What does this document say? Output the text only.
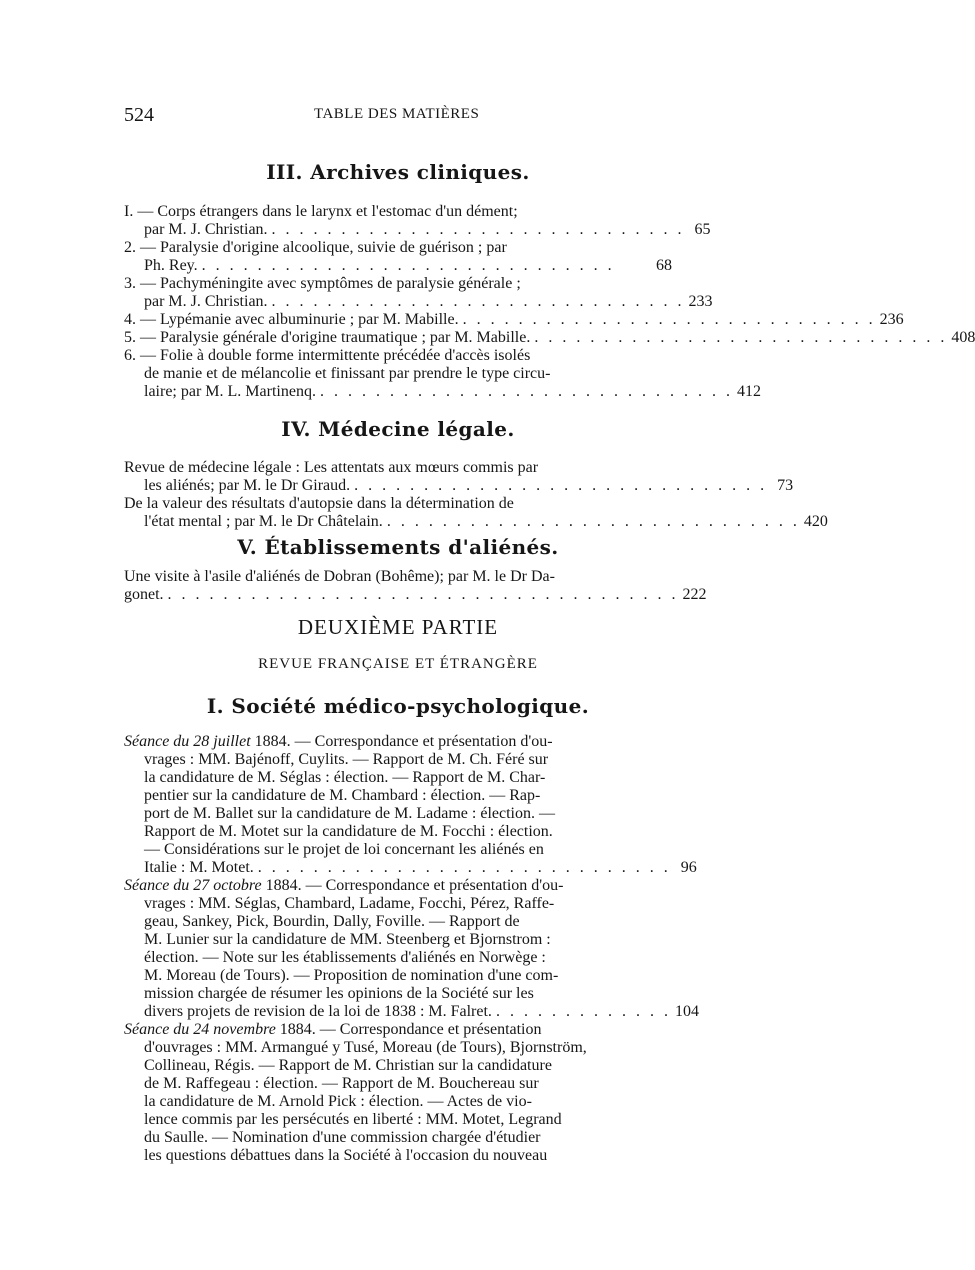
524	TABLE DES MATIÈRES
III. Archives cliniques.
I. — Corps étrangers dans le larynx et l'estomac d'un dément;
par M. J. Christian. . . . . . . . . . . . . . . . . . . . . . . . . . . . . . . 65
2. — Paralysie d'origine alcoolique, suivie de guérison ; par
Ph. Rey. . . . . . . . . . . . . . . . . . . . . . . . . . . . . . .	68
3. — Pachyméningite avec symptômes de paralysie générale ;
par M. J. Christian. . . . . . . . . . . . . . . . . . . . . . . . . . . . . . . 233
4. — Lypémanie avec albuminurie ; par M. Mabille. . . . . . . . . . . . . . . . . . . . . . . . . . . . . . . 236
5. — Paralysie générale d'origine traumatique ; par M. Mabille. . . . . . . . . . . . . . . . . . . . . . . . . . . . . . . 408
6. — Folie à double forme intermittente précédée d'accès isolés
de manie et de mélancolie et finissant par prendre le type circu-
laire; par M. L. Martinenq. . . . . . . . . . . . . . . . . . . . . . . . . . . . . . . 412
IV. Médecine légale.
Revue de médecine légale : Les attentats aux mœurs commis par
les aliénés; par M. le Dr Giraud. . . . . . . . . . . . . . . . . . . . . . . . . . . . . . . 73
De la valeur des résultats d'autopsie dans la détermination de
l'état mental ; par M. le Dr Châtelain. . . . . . . . . . . . . . . . . . . . . . . . . . . . . . . 420
V. Établissements d'aliénés.
Une visite à l'asile d'aliénés de Dobran (Bohême); par M. le Dr Da-
gonet. . . . . . . . . . . . . . . . . . . . . . . . . . . . . . . . . . . . . . 222
DEUXIÈME PARTIE
REVUE FRANÇAISE ET ÉTRANGÈRE
I. Société médico-psychologique.
Séance du 28 juillet 1884. — Correspondance et présentation d'ou-
vrages : MM. Bajénoff, Cuylits. — Rapport de M. Ch. Féré sur
la candidature de M. Séglas : élection. — Rapport de M. Char-
pentier sur la candidature de M. Chambard : élection. — Rap-
port de M. Ballet sur la candidature de M. Ladame : élection. —
Rapport de M. Motet sur la candidature de M. Focchi : élection.
— Considérations sur le projet de loi concernant les aliénés en
Italie : M. Motet. . . . . . . . . . . . . . . . . . . . . . . . . . . . . . . 96
Séance du 27 octobre 1884. — Correspondance et présentation d'ou-
vrages : MM. Séglas, Chambard, Ladame, Focchi, Pérez, Raffe-
geau, Sankey, Pick, Bourdin, Dally, Foville. — Rapport de
M. Lunier sur la candidature de MM. Steenberg et Bjornstrom :
élection. — Note sur les établissements d'aliénés en Norwège :
M. Moreau (de Tours). — Proposition de nomination d'une com-
mission chargée de résumer les opinions de la Société sur les
divers projets de revision de la loi de 1838 : M. Falret. . . . . . . . . . . . . . 104
Séance du 24 novembre 1884. — Correspondance et présentation
d'ouvrages : MM. Armangué y Tusé, Moreau (de Tours), Bjornström,
Collineau, Régis. — Rapport de M. Christian sur la candidature
de M. Raffegeau : élection. — Rapport de M. Bouchereau sur
la candidature de M. Arnold Pick : élection. — Actes de vio-
lence commis par les persécutés en liberté : MM. Motet, Legrand
du Saulle. — Nomination d'une commission chargée d'étudier
les questions débattues dans la Société à l'occasion du nouveau
